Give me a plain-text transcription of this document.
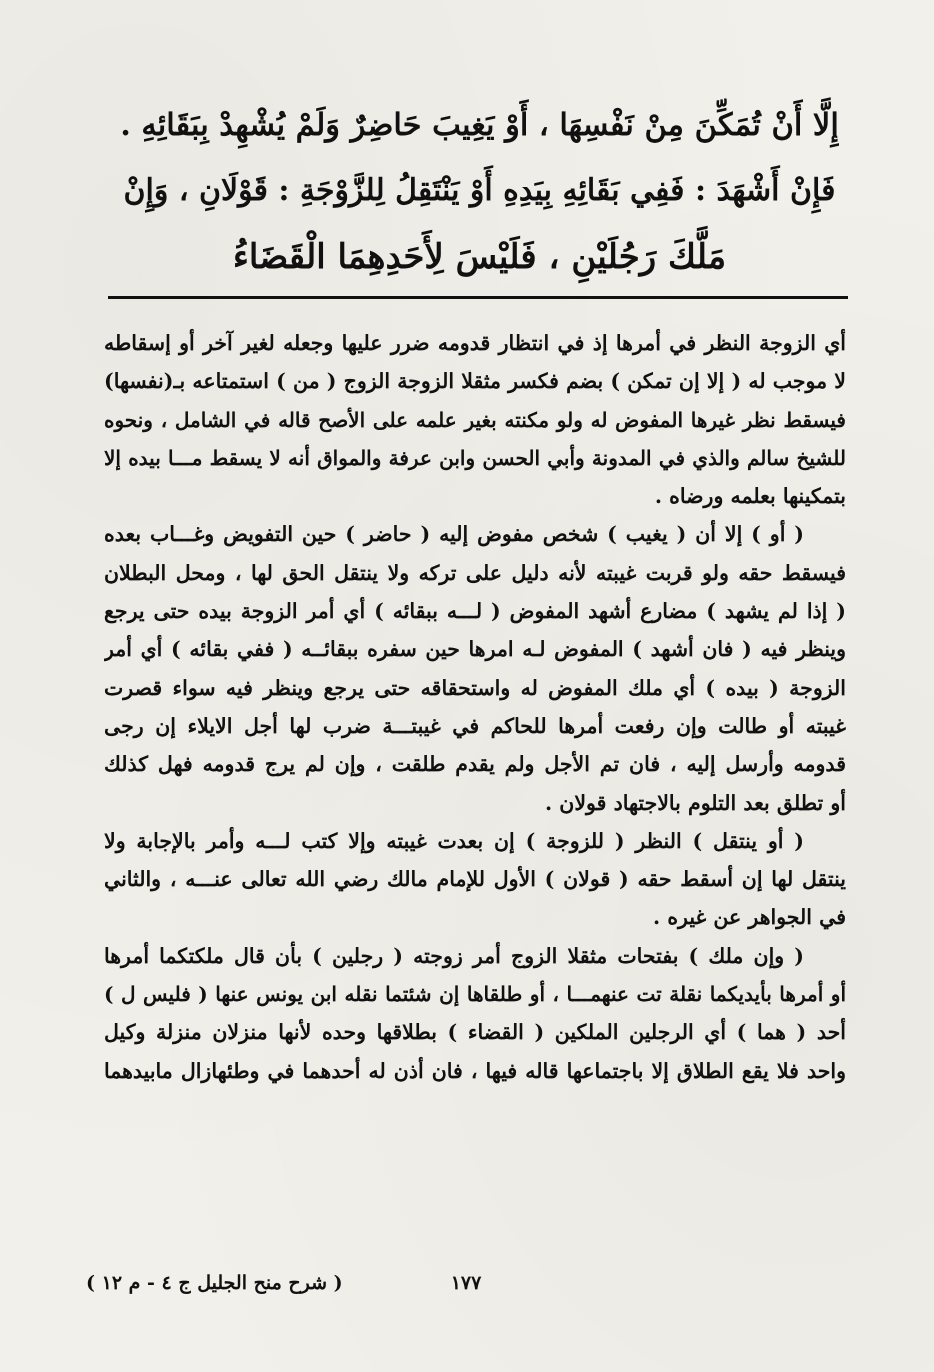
إِلَّا أَنْ تُمَكِّنَ مِنْ نَفْسِهَا ، أَوْ يَغِيبَ حَاضِرٌ وَلَمْ يُشْهِدْ بِبَقَائِهِ .
فَإِنْ أَشْهَدَ : فَفِي بَقَائِهِ بِيَدِهِ أَوْ يَنْتَقِلُ لِلزَّوْجَةِ : قَوْلَانِ ، وَإِنْ
مَلَّكَ رَجُلَيْنِ ، فَلَيْسَ لِأَحَدِهِمَا الْقَضَاءُ
أي الزوجة النظر في أمرها إذ في انتظار قدومه ضرر عليها وجعله لغير آخر أو إسقاطه
لا موجب له ( إلا إن تمكن ) بضم فكسر مثقلا الزوجة الزوج ( من ) استمتاعه بـ(نفسها)
فيسقط نظر غيرها المفوض له ولو مكنته بغير علمه على الأصح قاله في الشامل ، ونحوه
للشيخ سالم والذي في المدونة وأبي الحسن وابن عرفة والمواق أنه لا يسقط مـــا بيده إلا
بتمكينها بعلمه ورضاه .
( أو ) إلا أن ( يغيب ) شخص مفوض إليه ( حاضر ) حين التفويض وغـــاب بعده
فيسقط حقه ولو قربت غيبته لأنه دليل على تركه ولا ينتقل الحق لها ، ومحل البطلان
( إذا لم يشهد ) مضارع أشهد المفوض ( لـــه ببقائه ) أي أمر الزوجة بيده حتى يرجع
وينظر فيه ( فان أشهد ) المفوض لـه امرها حين سفره ببقائــه ( ففي بقائه ) أي أمر
الزوجة ( بيده ) أي ملك المفوض له واستحقاقه حتى يرجع وينظر فيه سواء قصرت
غيبته أو طالت وإن رفعت أمرها للحاكم في غيبتـــة ضرب لها أجل الايلاء إن رجى
قدومه وأرسل إليه ، فان تم الأجل ولم يقدم طلقت ، وإن لم يرج قدومه فهل كذلك
أو تطلق بعد التلوم بالاجتهاد قولان .
( أو ينتقل ) النظر ( للزوجة ) إن بعدت غيبته وإلا كتب لـــه وأمر بالإجابة ولا
ينتقل لها إن أسقط حقه ( قولان ) الأول للإمام مالك رضي الله تعالى عنـــه ، والثاني
في الجواهر عن غيره .
( وإن ملك ) بفتحات مثقلا الزوج أمر زوجته ( رجلين ) بأن قال ملكتكما أمرها
أو أمرها بأيديكما نقلة تت عنهمـــا ، أو طلقاها إن شئتما نقله ابن يونس عنها ( فليس ل )
أحد ( هما ) أي الرجلين الملكين ( القضاء ) بطلاقها وحده لأنها منزلان منزلة وكيل
واحد فلا يقع الطلاق إلا باجتماعها قاله فيها ، فان أذن له أحدهما في وطئهازال مابيدهما
١٧٧
( شرح منح الجليل ج ٤ - م ١٢ )
